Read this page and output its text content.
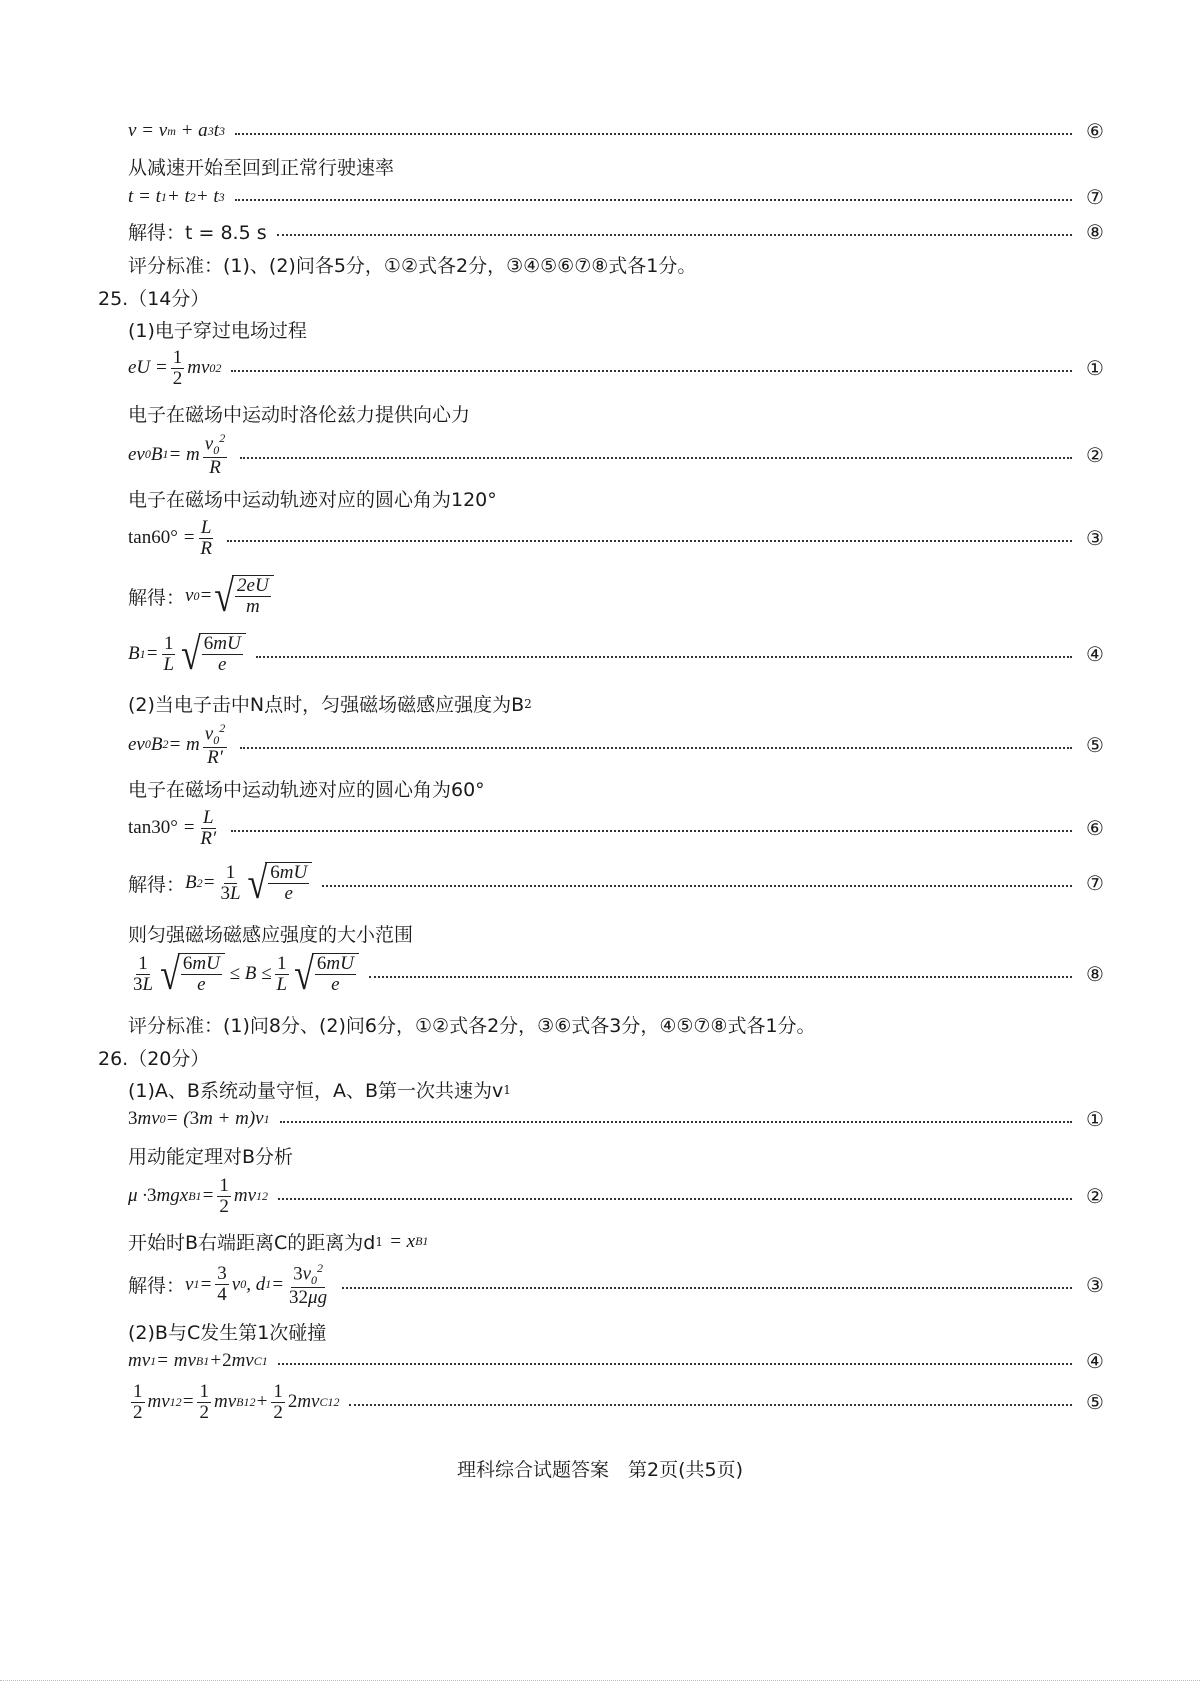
v = v m
+ a 3 t 3	⑥
从减速开始至回到正常行驶速率
t = t 1 + t 2 + t 3	⑦
解得：t = 8.5 s	⑧
评分标准：(1)、(2)问各5分，①②式各2分，③④⑤⑥⑦⑧式各1分。
25.（14分）
(1)电子穿过电场过程
eU = $\frac{1}{2}$ mv 0 2	①
电子在磁场中运动时洛伦兹力提供向心力
ev 0 B 1 = m $\frac{v_0^2}{R}$	②
电子在磁场中运动轨迹对应的圆心角为120°
$\tan 60^\circ = \frac{L}{R}$	③
解得： v 0 = √ $\frac{2eU}{m}$
B $1 = \frac{1}{L}$ √ $\frac{6mU}{e}$	④
(2)当电子击中N点时，匀强磁场磁感应强度为B 2
ev 0 B 2 = m $\frac{v_0^2}{R'}$	⑤
电子在磁场中运动轨迹对应的圆心角为60°
$\tan 30^\circ = \frac{L}{R'}$	⑥
解得： B $2 = \frac{1}{3L}$ √ $\frac{6mU}{e}$	⑦
则匀强磁场磁感应强度的大小范围
$\frac{1}{3L}$ √ $\frac{6mU}{e} \le B \le \frac{1}{L}$ √ $\frac{6mU}{e}$	⑧
评分标准：(1)问8分、(2)问6分，①②式各2分，③⑥式各3分，④⑤⑦⑧式各1分。
26.（20分）
(1)A、B系统动量守恒，A、B第一次共速为v 1
3 mv 0 = ( 3 m + m)v 1	①
用动能定理对B分析
μ · 3 mgx $B1 = \frac{1}{2}$ mv 1 2	②
开始时B右端距离C的距离为d 1
= x B1
解得： v $1 = \frac{3}{4}$ v 0 , d $1 = \frac{3v_0^2}{32\mu g}$	③
(2)B与C发生第1次碰撞
mv 1 = mv B1 + 2 mv C1	④
$\frac{1}{2}$ mv 1 $2 = \frac{1}{2}$ mv B1 $2 + \frac{1}{2} 2$ mv C1 2	⑤
理科综合试题答案　第2页(共5页)
